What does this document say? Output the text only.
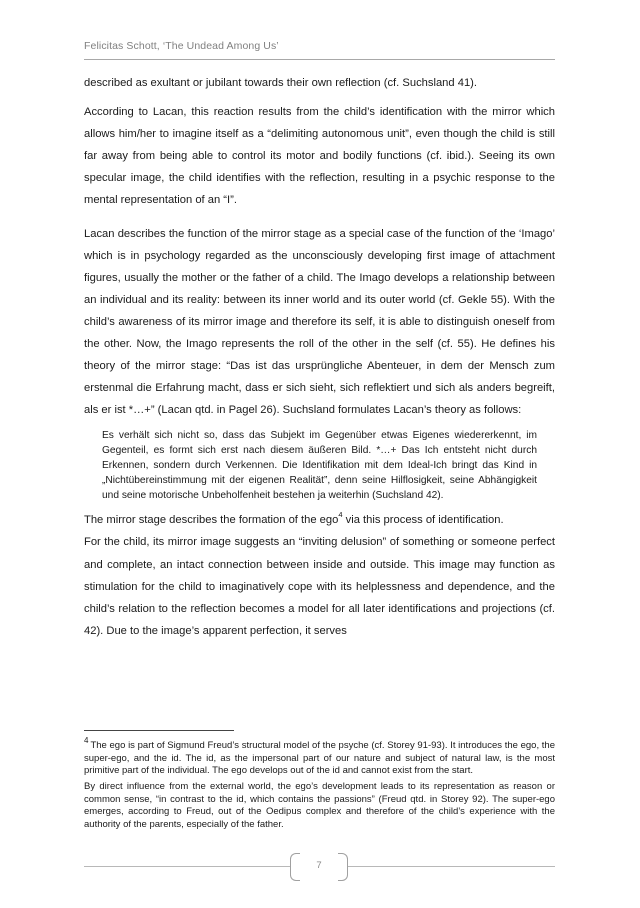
Felicitas Schott, ‘The Undead Among Us’

described as exultant or jubilant towards their own reflection (cf. Suchsland 41).

According to Lacan, this reaction results from the child’s identification with the mirror which allows him/her to imagine itself as a “delimiting autonomous unit”, even though the child is still far away from being able to control its motor and bodily functions (cf. ibid.). Seeing its own specular image, the child identifies with the reflection, resulting in a psychic response to the mental representation of an “I”.

Lacan describes the function of the mirror stage as a special case of the function of the ‘Imago’ which is in psychology regarded as the unconsciously developing first image of attachment figures, usually the mother or the father of a child. The Imago develops a relationship between an individual and its reality: between its inner world and its outer world (cf. Gekle 55). With the child’s awareness of its mirror image and therefore its self, it is able to distinguish oneself from the other. Now, the Imago represents the roll of the other in the self (cf. 55). He defines his theory of the mirror stage: “Das ist das ursprüngliche Abenteuer, in dem der Mensch zum erstenmal die Erfahrung macht, dass er sich sieht, sich reflektiert und sich als anders begreift, als er ist *…+” (Lacan qtd. in Pagel 26). Suchsland formulates Lacan’s theory as follows:

Es verhält sich nicht so, dass das Subjekt im Gegenüber etwas Eigenes wiedererkennt, im Gegenteil, es formt sich erst nach diesem äußeren Bild. *…+ Das Ich entsteht nicht durch Erkennen, sondern durch Verkennen. Die Identifikation mit dem Ideal-Ich bringt das Kind in „Nichtübereinstimmung mit der eigenen Realität”, denn seine Hilflosigkeit, seine Abhängigkeit und seine motorische Unbeholfenheit bestehen ja weiterhin (Suchsland 42).

The mirror stage describes the formation of the ego$^4$ via this process of identification.

For the child, its mirror image suggests an “inviting delusion” of something or someone perfect and complete, an intact connection between inside and outside. This image may function as stimulation for the child to imaginatively cope with its helplessness and dependence, and the child’s relation to the reflection becomes a model for all later identifications and projections (cf. 42). Due to the image’s apparent perfection, it serves

$^4$ The ego is part of Sigmund Freud’s structural model of the psyche (cf. Storey 91-93). It introduces the ego, the super-ego, and the id. The id, as the impersonal part of our nature and subject of natural law, is the most primitive part of the individual. The ego develops out of the id and cannot exist from the start.

By direct influence from the external world, the ego’s development leads to its representation as reason or common sense, “in contrast to the id, which contains the passions” (Freud qtd. in Storey 92). The super-ego emerges, according to Freud, out of the Oedipus complex and therefore of the child’s experience with the authority of the parents, especially of the father.

7
